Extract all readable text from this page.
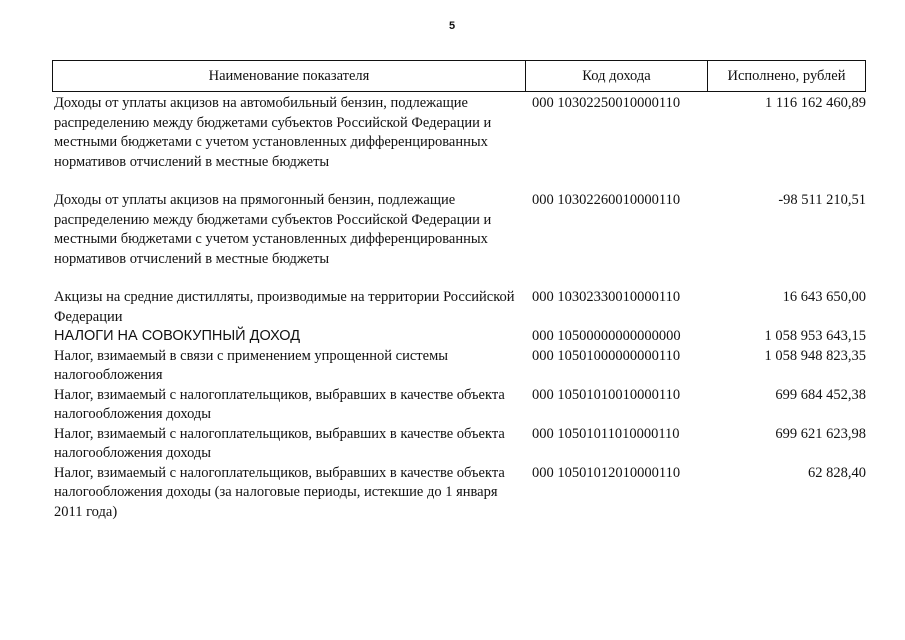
5
Наименование показателя	Код дохода	Исполнено, рублей
Доходы от уплаты акцизов на автомобильный бензин, подлежащие распределению между бюджетами субъектов Российской Федерации и местными бюджетами с учетом установленных дифференцированных нормативов отчислений в местные бюджеты
000 10302250010000110	1 116 162 460,89
Доходы от уплаты акцизов на прямогонный бензин, подлежащие распределению между бюджетами субъектов Российской Федерации и местными бюджетами с учетом установленных дифференцированных нормативов отчислений в местные бюджеты
000 10302260010000110	-98 511 210,51
Акцизы на средние дистилляты, производимые на территории Российской Федерации
000 10302330010000110	16 643 650,00
НАЛОГИ НА СОВОКУПНЫЙ ДОХОД	000 10500000000000000	1 058 953 643,15
Налог, взимаемый в связи с применением упрощенной системы налогообложения
000 10501000000000110	1 058 948 823,35
Налог, взимаемый с налогоплательщиков, выбравших в качестве объекта налогообложения доходы
000 10501010010000110	699 684 452,38
Налог, взимаемый с налогоплательщиков, выбравших в качестве объекта налогообложения доходы
000 10501011010000110	699 621 623,98
Налог, взимаемый с налогоплательщиков, выбравших в качестве объекта налогообложения доходы (за налоговые периоды, истекшие до 1 января 2011 года)
000 10501012010000110	62 828,40
